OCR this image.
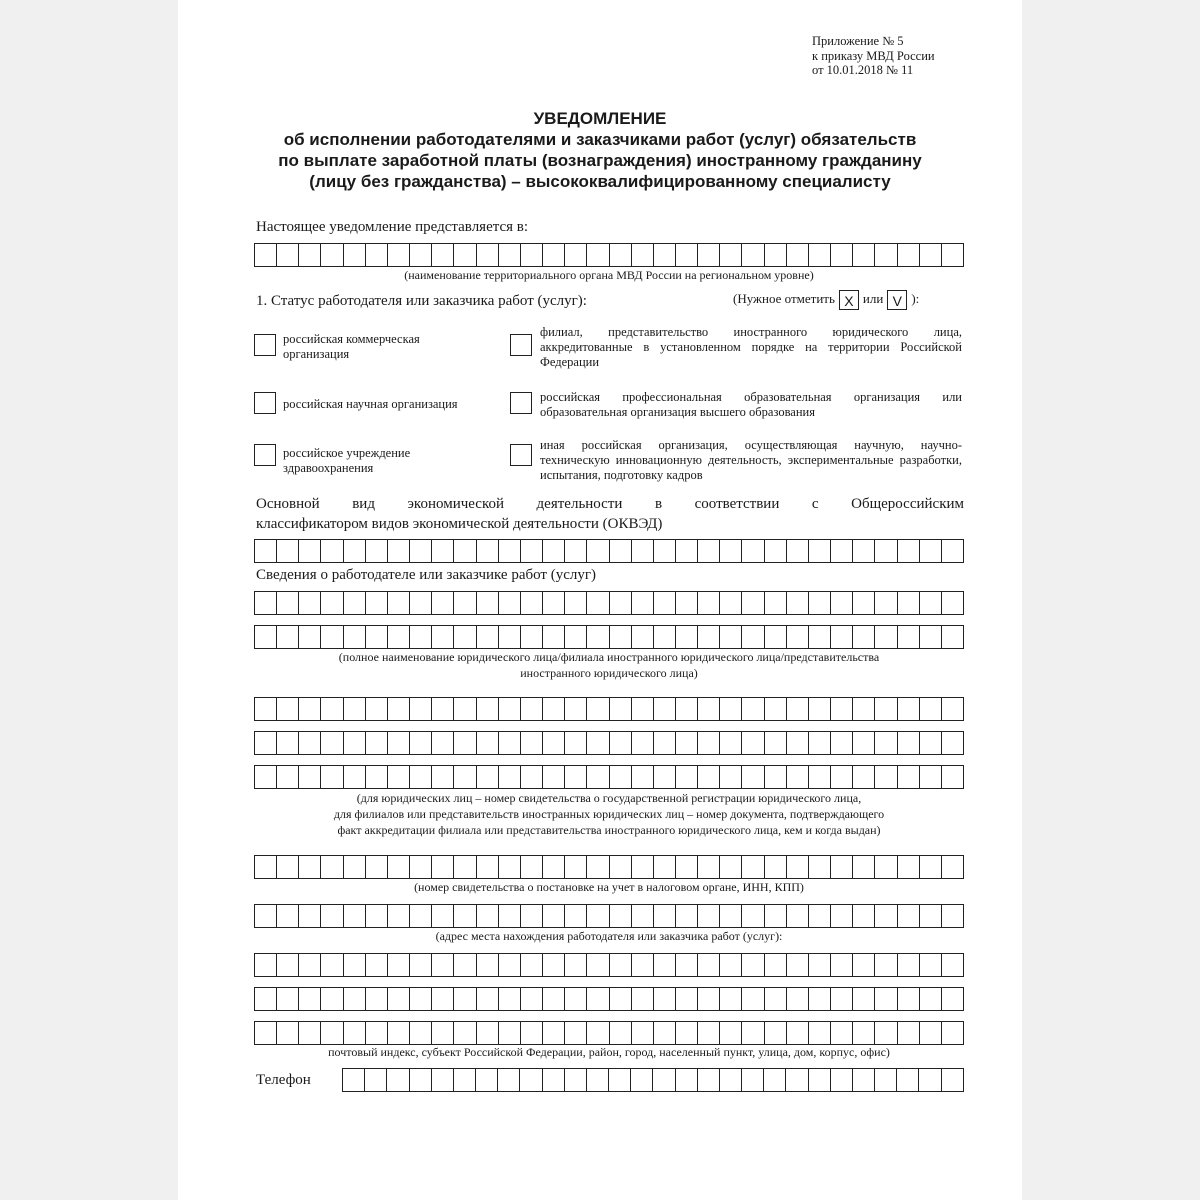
Приложение № 5
к приказу МВД России
от 10.01.2018 № 11
УВЕДОМЛЕНИЕ
об исполнении работодателями и заказчиками работ (услуг) обязательств
по выплате заработной платы (вознаграждения) иностранному гражданину
(лицу без гражданства) – высококвалифицированному специалисту
Настоящее уведомление представляется в:
(наименование территориального органа МВД России на региональном уровне)
1. Статус работодателя или заказчика работ (услуг):	(Нужное отметить X или V ):
российская коммерческая организация
российская научная организация
российское учреждение здравоохранения
филиал, представительство иностранного юридического лица, аккредитованные в установленном порядке на территории Российской Федерации
российская профессиональная образовательная организация или образовательная организация высшего образования
иная российская организация, осуществляющая научную, научно-техническую инновационную деятельность, экспериментальные разработки, испытания, подготовку кадров
Основной вид экономической деятельности в соответствии с Общероссийским
классификатором видов экономической деятельности (ОКВЭД)
Сведения о работодателе или заказчике работ (услуг)
(полное наименование юридического лица/филиала иностранного юридического лица/представительства
иностранного юридического лица)
(для юридических лиц – номер свидетельства о государственной регистрации юридического лица,
для филиалов или представительств иностранных юридических лиц – номер документа, подтверждающего
факт аккредитации филиала или представительства иностранного юридического лица, кем и когда выдан)
(номер свидетельства о постановке на учет в налоговом органе, ИНН, КПП)
(адрес места нахождения работодателя или заказчика работ (услуг):
почтовый индекс, субъект Российской Федерации, район, город, населенный пункт, улица, дом, корпус, офис)
Телефон
